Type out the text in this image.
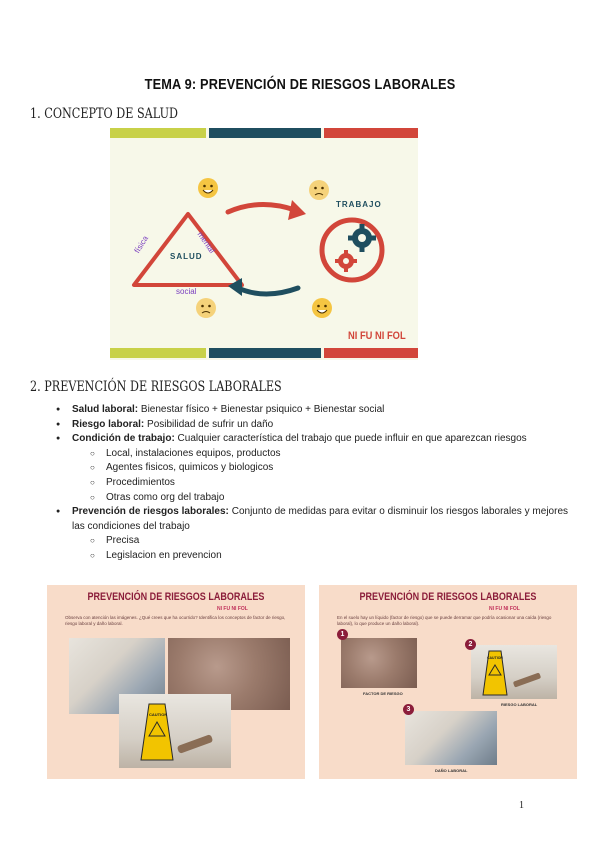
TEMA 9: PREVENCIÓN DE RIESGOS LABORALES
1. CONCEPTO DE SALUD
SALUD
física	mental
social
TRABAJO
NI FU NI FOL
2. PREVENCIÓN DE RIESGOS LABORALES
● Salud laboral: Bienestar físico + Bienestar psiquico + Bienestar social
● Riesgo laboral: Posibilidad de sufrir un daño
● Condición de trabajo: Cualquier característica del trabajo que puede influir en que aparezcan riesgos
○ Local, instalaciones equipos, productos
○ Agentes fisicos, quimicos y biologicos
○ Procedimientos
○ Otras como org del trabajo
● Prevención de riesgos laborales: Conjunto de medidas para evitar o disminuir los riesgos laborales y mejores las condiciones del trabajo
○ Precisa
○ Legislacion en prevencion
PREVENCIÓN DE RIESGOS LABORALES
NI FU NI FOL
Observa con atención las imágenes. ¿Qué crees que ha ocurrido? Identifica los conceptos de factor de riesgo, riesgo laboral y daño laboral.
CAUTION
PREVENCIÓN DE RIESGOS LABORALES
NI FU NI FOL
En el suelo hay un líquido (factor de riesgo) que se puede derramar que podría ocasionar una caída (riesgo laboral), lo que produce un daño laboral).
1
FACTOR DE RIESGO
CAUTION
2
RIESGO LABORAL
3
DAÑO LABORAL
1
